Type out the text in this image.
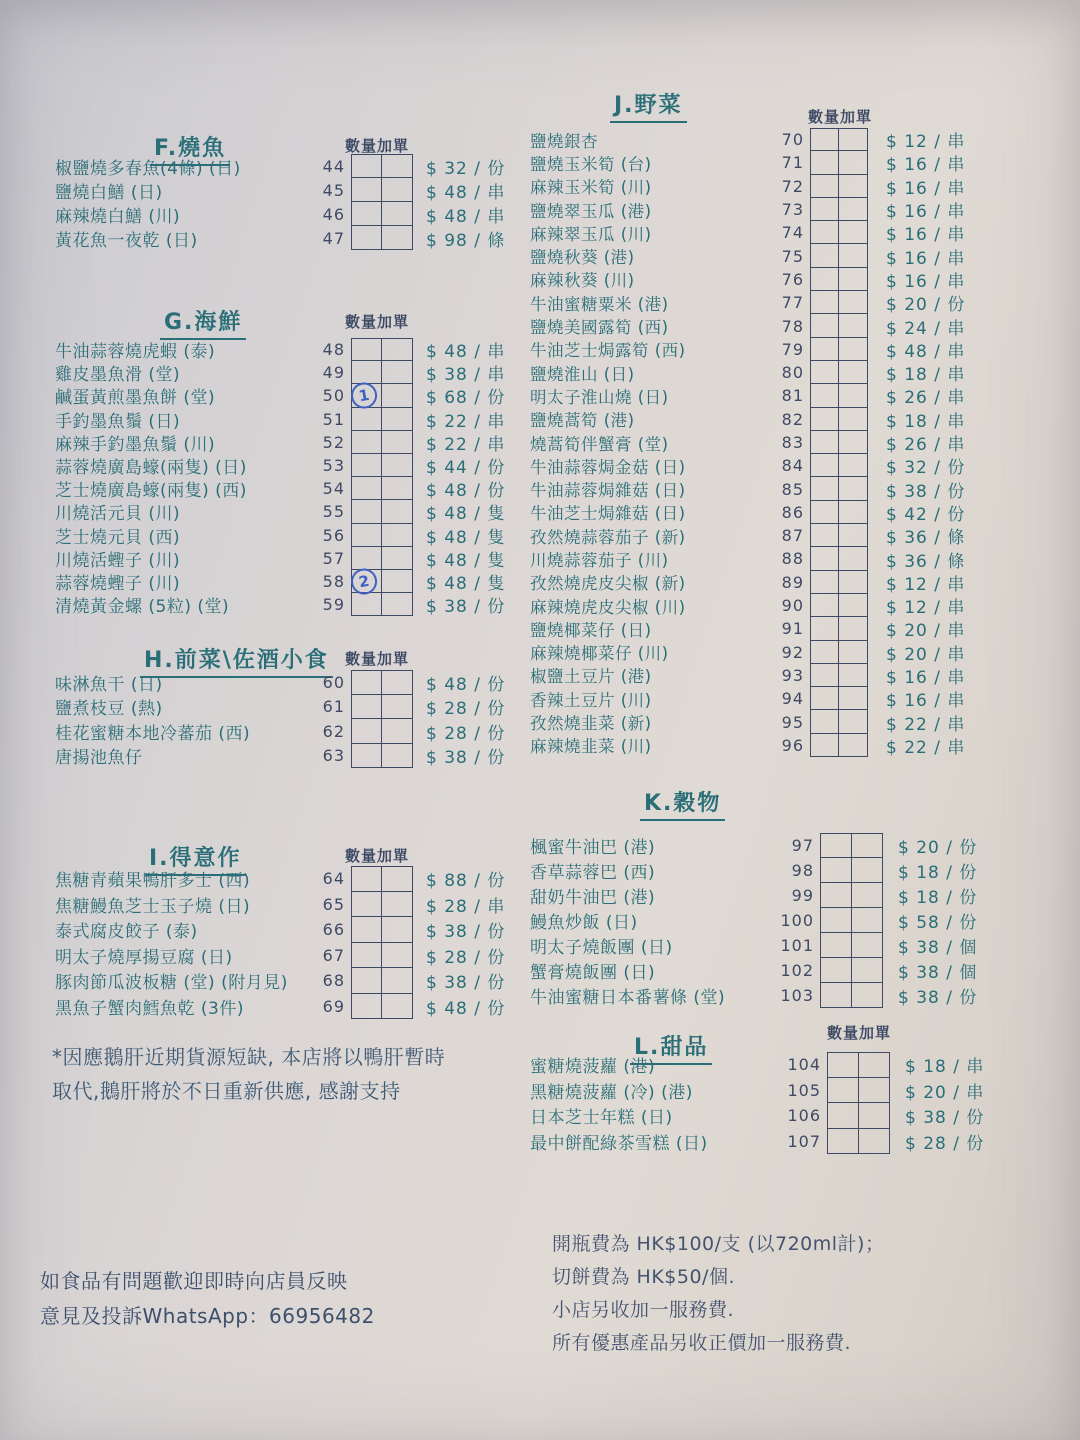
*因應鵝肝近期貨源短缺, 本店將以鴨肝暫時
取代,鵝肝將於不日重新供應, 感謝支持
如食品有問題歡迎即時向店員反映
意見及投訴WhatsApp：66956482
開瓶費為 HK$100/支 (以720ml計)；
切餅費為 HK$50/個.
小店另收加一服務費.
所有優惠產品另收正價加一服務費.
F.燒魚	數量加單
椒鹽燒多春魚(4條) (日)	44	$ 32 / 份
鹽燒白鱔 (日)	45	$ 48 / 串
麻辣燒白鱔 (川)	46	$ 48 / 串
黃花魚一夜乾 (日)	47	$ 98 / 條
G.海鮮	數量加單
牛油蒜蓉燒虎蝦 (泰)	48	$ 48 / 串
雞皮墨魚滑 (堂)	49	$ 38 / 串
鹹蛋黃煎墨魚餅 (堂)	50 1	$ 68 / 份
手釣墨魚鬚 (日)	51	$ 22 / 串
麻辣手釣墨魚鬚 (川)	52	$ 22 / 串
蒜蓉燒廣島蠔(兩隻) (日)	53	$ 44 / 份
芝士燒廣島蠔(兩隻) (西)	54	$ 48 / 份
川燒活元貝 (川)	55	$ 48 / 隻
芝士燒元貝 (西)	56	$ 48 / 隻
川燒活蟶子 (川)	57	$ 48 / 隻
蒜蓉燒蟶子 (川)	58 2	$ 48 / 隻
清燒黃金螺 (5粒) (堂)	59	$ 38 / 份
H.前菜\佐酒小食 數量加單
味淋魚干 (日)	60	$ 48 / 份
鹽煮枝豆 (熱)	61	$ 28 / 份
桂花蜜糖本地冷蕃茄 (西)	62	$ 28 / 份
唐揚池魚仔	63	$ 38 / 份
I.得意作	數量加單
焦糖青蘋果鴨肝多士 (西)	64	$ 88 / 份
焦糖鰻魚芝士玉子燒 (日)	65	$ 28 / 串
泰式腐皮餃子 (泰)	66	$ 38 / 份
明太子燒厚揚豆腐 (日)	67	$ 28 / 份
豚肉節瓜波板糖 (堂) (附月見)	68	$ 38 / 份
黑魚子蟹肉鱈魚乾 (3件)	69	$ 48 / 份
J.野菜	數量加單
鹽燒銀杏	70	$ 12 / 串
鹽燒玉米筍 (台)	71	$ 16 / 串
麻辣玉米筍 (川)	72	$ 16 / 串
鹽燒翠玉瓜 (港)	73	$ 16 / 串
麻辣翠玉瓜 (川)	74	$ 16 / 串
鹽燒秋葵 (港)	75	$ 16 / 串
麻辣秋葵 (川)	76	$ 16 / 串
牛油蜜糖粟米 (港)	77	$ 20 / 份
鹽燒美國露筍 (西)	78	$ 24 / 串
牛油芝士焗露筍 (西)	79	$ 48 / 串
鹽燒淮山 (日)	80	$ 18 / 串
明太子淮山燒 (日)	81	$ 26 / 串
鹽燒蒿筍 (港)	82	$ 18 / 串
燒蒿筍伴蟹膏 (堂)	83	$ 26 / 串
牛油蒜蓉焗金菇 (日)	84	$ 32 / 份
牛油蒜蓉焗雜菇 (日)	85	$ 38 / 份
牛油芝士焗雜菇 (日)	86	$ 42 / 份
孜然燒蒜蓉茄子 (新)	87	$ 36 / 條
川燒蒜蓉茄子 (川)	88	$ 36 / 條
孜然燒虎皮尖椒 (新)	89	$ 12 / 串
麻辣燒虎皮尖椒 (川)	90	$ 12 / 串
鹽燒椰菜仔 (日)	91	$ 20 / 串
麻辣燒椰菜仔 (川)	92	$ 20 / 串
椒鹽土豆片 (港)	93	$ 16 / 串
香辣土豆片 (川)	94	$ 16 / 串
孜然燒韭菜 (新)	95	$ 22 / 串
麻辣燒韭菜 (川)	96	$ 22 / 串
K.穀物
楓蜜牛油巴 (港)	97	$ 20 / 份
香草蒜蓉巴 (西)	98	$ 18 / 份
甜奶牛油巴 (港)	99	$ 18 / 份
鰻魚炒飯 (日)	100	$ 58 / 份
明太子燒飯團 (日)	101	$ 38 / 個
蟹膏燒飯團 (日)	102	$ 38 / 個
牛油蜜糖日本番薯條 (堂)	103	$ 38 / 份
L.甜品
數量加單
蜜糖燒菠蘿 (港)	104	$ 18 / 串
黑糖燒菠蘿 (冷) (港)	105	$ 20 / 串
日本芝士年糕 (日)	106	$ 38 / 份
最中餅配綠茶雪糕 (日)	107	$ 28 / 份
